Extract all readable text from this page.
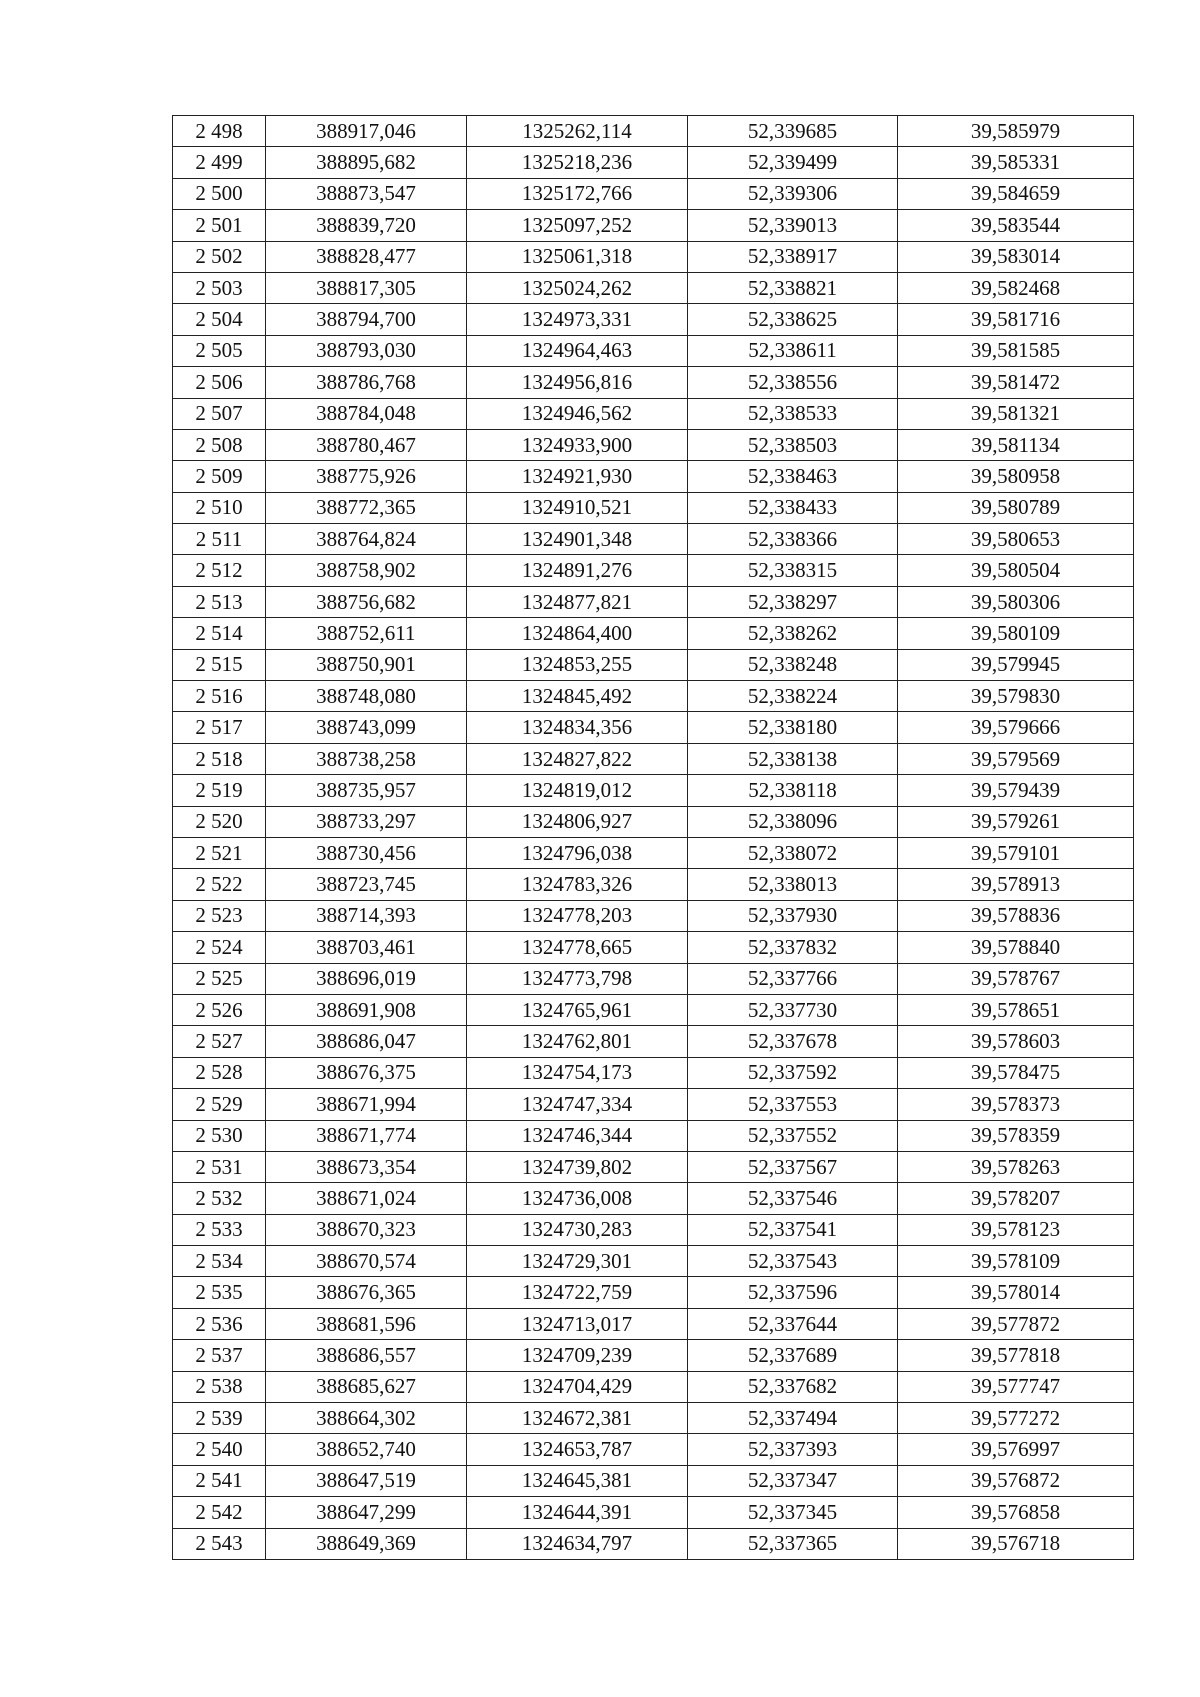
2 498	388917,046	1325262,114	52,339685	39,585979
2 499	388895,682	1325218,236	52,339499	39,585331
2 500	388873,547	1325172,766	52,339306	39,584659
2 501	388839,720	1325097,252	52,339013	39,583544
2 502	388828,477	1325061,318	52,338917	39,583014
2 503	388817,305	1325024,262	52,338821	39,582468
2 504	388794,700	1324973,331	52,338625	39,581716
2 505	388793,030	1324964,463	52,338611	39,581585
2 506	388786,768	1324956,816	52,338556	39,581472
2 507	388784,048	1324946,562	52,338533	39,581321
2 508	388780,467	1324933,900	52,338503	39,581134
2 509	388775,926	1324921,930	52,338463	39,580958
2 510	388772,365	1324910,521	52,338433	39,580789
2 511	388764,824	1324901,348	52,338366	39,580653
2 512	388758,902	1324891,276	52,338315	39,580504
2 513	388756,682	1324877,821	52,338297	39,580306
2 514	388752,611	1324864,400	52,338262	39,580109
2 515	388750,901	1324853,255	52,338248	39,579945
2 516	388748,080	1324845,492	52,338224	39,579830
2 517	388743,099	1324834,356	52,338180	39,579666
2 518	388738,258	1324827,822	52,338138	39,579569
2 519	388735,957	1324819,012	52,338118	39,579439
2 520	388733,297	1324806,927	52,338096	39,579261
2 521	388730,456	1324796,038	52,338072	39,579101
2 522	388723,745	1324783,326	52,338013	39,578913
2 523	388714,393	1324778,203	52,337930	39,578836
2 524	388703,461	1324778,665	52,337832	39,578840
2 525	388696,019	1324773,798	52,337766	39,578767
2 526	388691,908	1324765,961	52,337730	39,578651
2 527	388686,047	1324762,801	52,337678	39,578603
2 528	388676,375	1324754,173	52,337592	39,578475
2 529	388671,994	1324747,334	52,337553	39,578373
2 530	388671,774	1324746,344	52,337552	39,578359
2 531	388673,354	1324739,802	52,337567	39,578263
2 532	388671,024	1324736,008	52,337546	39,578207
2 533	388670,323	1324730,283	52,337541	39,578123
2 534	388670,574	1324729,301	52,337543	39,578109
2 535	388676,365	1324722,759	52,337596	39,578014
2 536	388681,596	1324713,017	52,337644	39,577872
2 537	388686,557	1324709,239	52,337689	39,577818
2 538	388685,627	1324704,429	52,337682	39,577747
2 539	388664,302	1324672,381	52,337494	39,577272
2 540	388652,740	1324653,787	52,337393	39,576997
2 541	388647,519	1324645,381	52,337347	39,576872
2 542	388647,299	1324644,391	52,337345	39,576858
2 543	388649,369	1324634,797	52,337365	39,576718
